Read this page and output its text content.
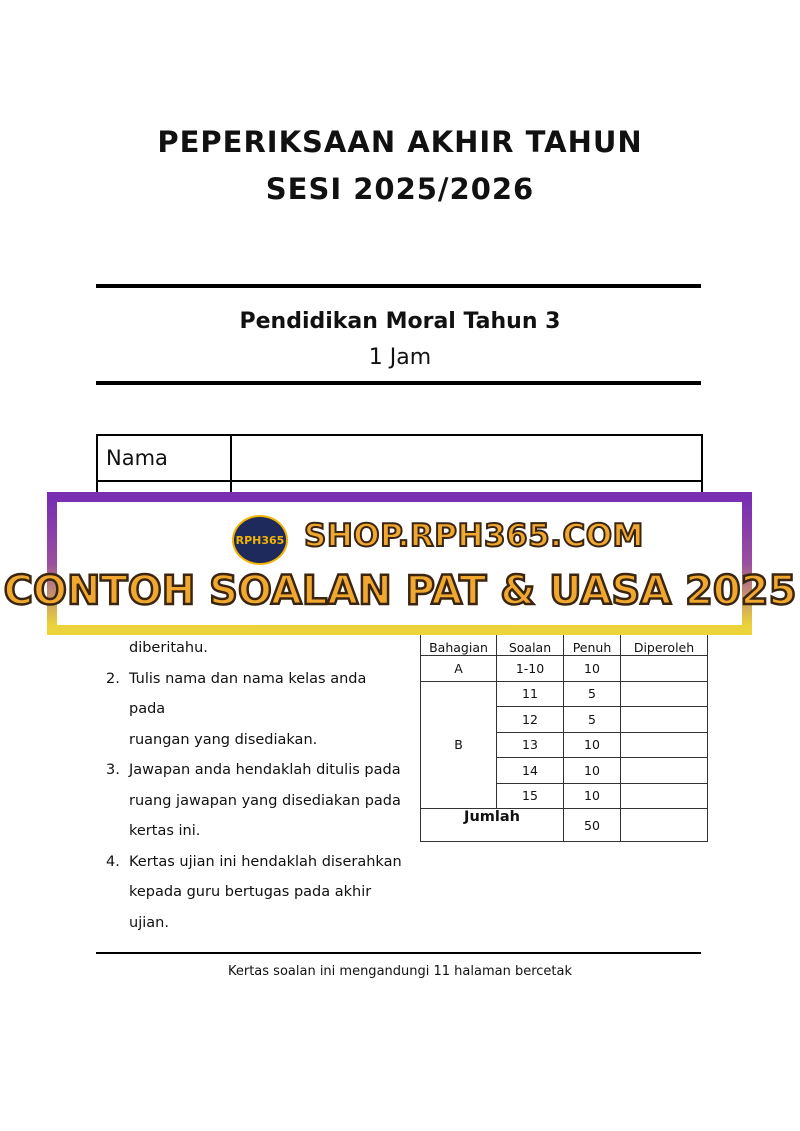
PEPERIKSAAN AKHIR TAHUN
SESI 2025/2026
Pendidikan Moral Tahun 3
1 Jam
Nama	

diberitahu.
2. Tulis nama dan nama kelas anda pada
ruangan yang disediakan.
3. Jawapan anda hendaklah ditulis pada
ruang jawapan yang disediakan pada
kertas ini.
4. Kertas ujian ini hendaklah diserahkan
kepada guru bertugas pada akhir ujian.
Bahagian	Soalan	Penuh	Diperoleh
A	1-10	10	
B	11	5	
	12	5	
	13	10	
	14	10	
	15	10	
Jumlah		50	
Kertas soalan ini mengandungi 11 halaman bercetak
RPH365 SHOP.RPH365.COM
CONTOH SOALAN PAT & UASA 2025
